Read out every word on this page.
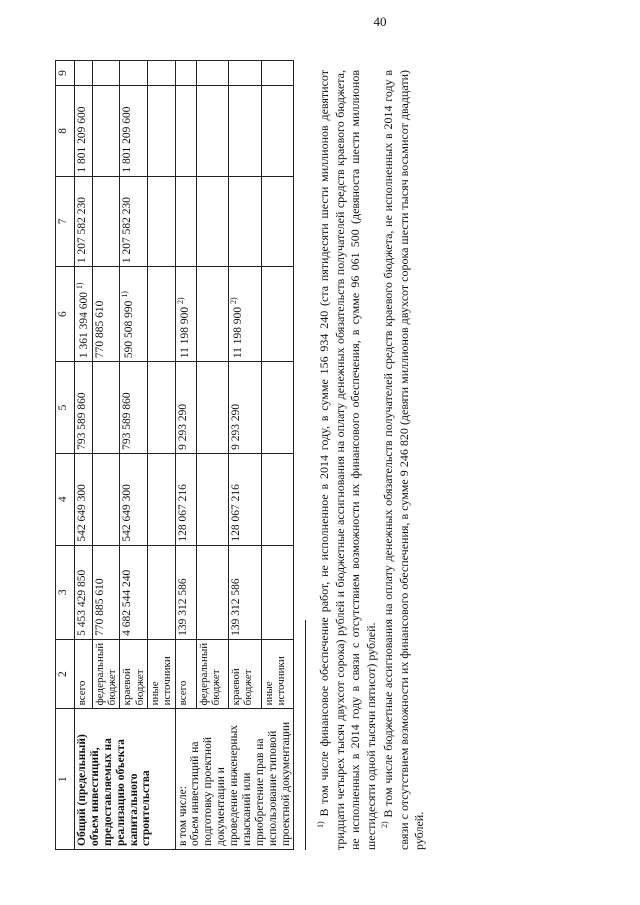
40
1	2	3	4	5	6	7	8	9
Общий (предельный) объем инвестиций, предоставляемых на реализацию объекта капитального строительства	всего	5 453 429 850	542 649 300	793 589 860	1 361 394 600 $^{1)}$	1 207 582 230	1 801 209 600	
	федеральный бюджет	770 885 610			770 885 610			
	краевой бюджет	4 682 544 240	542 649 300	793 589 860	590 508 990 $^{1)}$	1 207 582 230	1 801 209 600	
	иные источники							
в том числе:
объем инвестиций на подготовку проектной документации и проведение инженерных изысканий или приобретение прав на использование типовой проектной документации	всего	139 312 586	128 067 216	9 293 290	11 198 900 $^{2)}$			
	федеральный бюджет							
	краевой бюджет	139 312 586	128 067 216	9 293 290	11 198 900 $^{2)}$			
	иные источники							

$^{1)}$ В том числе финансовое обеспечение работ, не исполненное в 2014 году, в сумме 156 934 240 (ста пятидесяти шести миллионов девятисот тридцати четырех тысяч двухсот сорока) рублей и бюджетные ассигнования на оплату денежных обязательств получателей средств краевого бюджета, не исполненных в 2014 году в связи с отсутствием возможности их финансового обеспечения, в сумме 96 061 500 (девяноста шести миллионов шестидесяти одной тысячи пятисот) рублей. $^{2)}$ В том числе бюджетные ассигнования на оплату денежных обязательств получателей средств краевого бюджета, не исполненных в 2014 году в связи с отсутствием возможности их финансового обеспечения, в сумме 9 246 820 (девяти миллионов двухсот сорока шести тысяч восьмисот двадцати) рублей.
